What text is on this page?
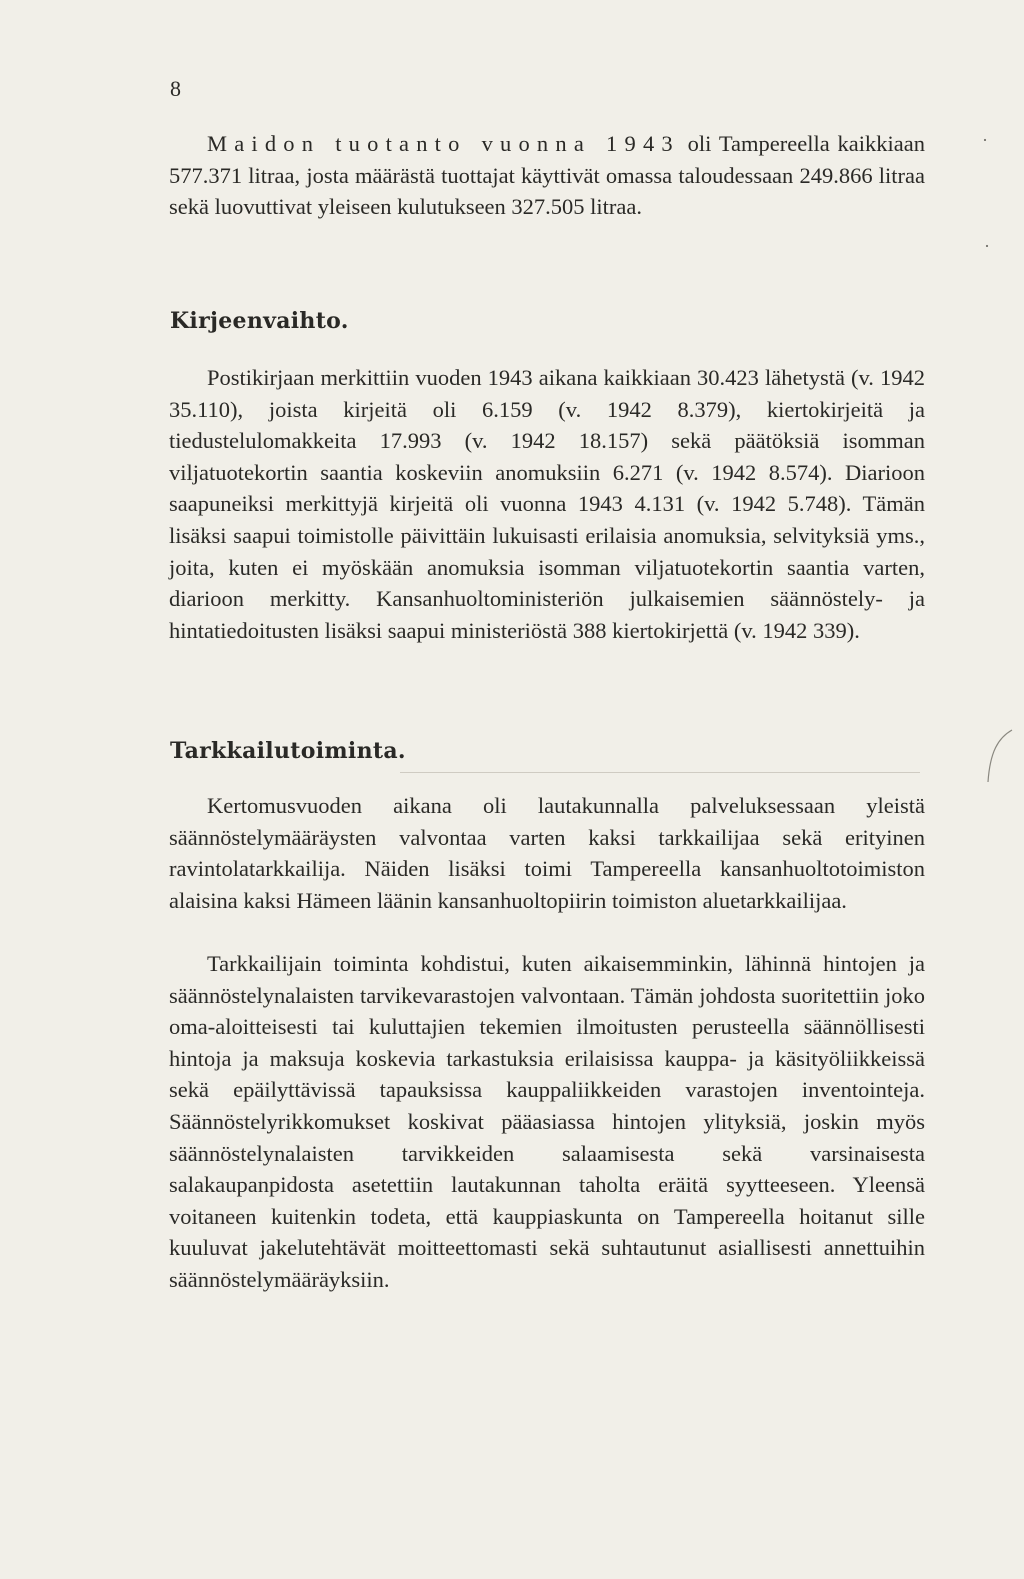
8

Maidon tuotanto vuonna 1943 oli Tampereella kaikkiaan 577.371 litraa, josta määrästä tuottajat käyttivät omassa taloudessaan 249.866 litraa sekä luovuttivat yleiseen kulutukseen 327.505 litraa.

Kirjeenvaihto.

Postikirjaan merkittiin vuoden 1943 aikana kaikkiaan 30.423 lähetystä (v. 1942 35.110), joista kirjeitä oli 6.159 (v. 1942 8.379), kiertokirjeitä ja tiedustelulomakkeita 17.993 (v. 1942 18.157) sekä päätöksiä isomman viljatuotekortin saantia koskeviin anomuksiin 6.271 (v. 1942 8.574). Diarioon saapuneiksi merkittyjä kirjeitä oli vuonna 1943 4.131 (v. 1942 5.748). Tämän lisäksi saapui toimistolle päivittäin lukuisasti erilaisia anomuksia, selvityksiä yms., joita, kuten ei myöskään anomuksia isomman viljatuotekortin saantia varten, diarioon merkitty. Kansanhuoltoministeriön julkaisemien säännöstely- ja hintatiedoitusten lisäksi saapui ministeriöstä 388 kiertokirjettä (v. 1942 339).

Tarkkailutoiminta.

Kertomusvuoden aikana oli lautakunnalla palveluksessaan yleistä säännöstelymääräysten valvontaa varten kaksi tarkkailijaa sekä erityinen ravintolatarkkailija. Näiden lisäksi toimi Tampereella kansanhuoltotoimiston alaisina kaksi Hämeen läänin kansanhuoltopiirin toimiston aluetarkkailijaa.

Tarkkailijain toiminta kohdistui, kuten aikaisemminkin, lähinnä hintojen ja säännöstelynalaisten tarvikevarastojen valvontaan. Tämän johdosta suoritettiin joko oma-aloitteisesti tai kuluttajien tekemien ilmoitusten perusteella säännöllisesti hintoja ja maksuja koskevia tarkastuksia erilaisissa kauppa- ja käsityöliikkeissä sekä epäilyttävissä tapauksissa kauppaliikkeiden varastojen inventointeja. Säännöstelyrikkomukset koskivat pääasiassa hintojen ylityksiä, joskin myös säännöstelynalaisten tarvikkeiden salaamisesta sekä varsinaisesta salakaupanpidosta asetettiin lautakunnan taholta eräitä syytteeseen. Yleensä voitaneen kuitenkin todeta, että kauppiaskunta on Tampereella hoitanut sille kuuluvat jakelutehtävät moitteettomasti sekä suhtautunut asiallisesti annettuihin säännöstelymääräyksiin.

·
·
